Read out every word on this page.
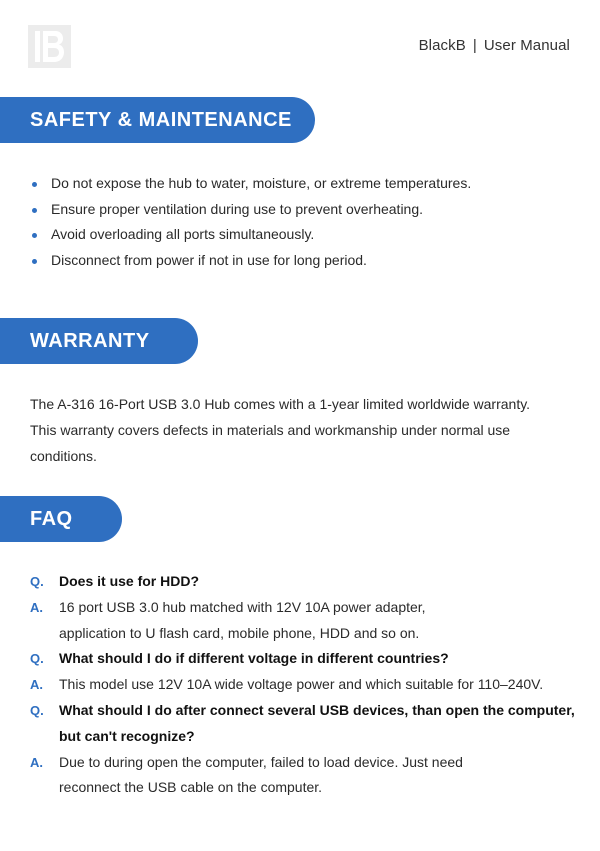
BlackB | User Manual
SAFETY & MAINTENANCE
Do not expose the hub to water, moisture, or extreme temperatures.
Ensure proper ventilation during use to prevent overheating.
Avoid overloading all ports simultaneously.
Disconnect from power if not in use for long period.
WARRANTY
The A-316 16-Port USB 3.0 Hub comes with a 1-year limited worldwide warranty.
This warranty covers defects in materials and workmanship under normal use
conditions.
FAQ
Q.	Does it use for HDD?
A.	16 port USB 3.0 hub matched with 12V 10A power adapter,
application to U flash card, mobile phone, HDD and so on.
Q.	What should I do if different voltage in different countries?
A.	This model use 12V 10A wide voltage power and which suitable for 110–240V.
Q.	What should I do after connect several USB devices, than open the computer, but can't recognize?
A.	Due to during open the computer, failed to load device. Just need
reconnect the USB cable on the computer.
